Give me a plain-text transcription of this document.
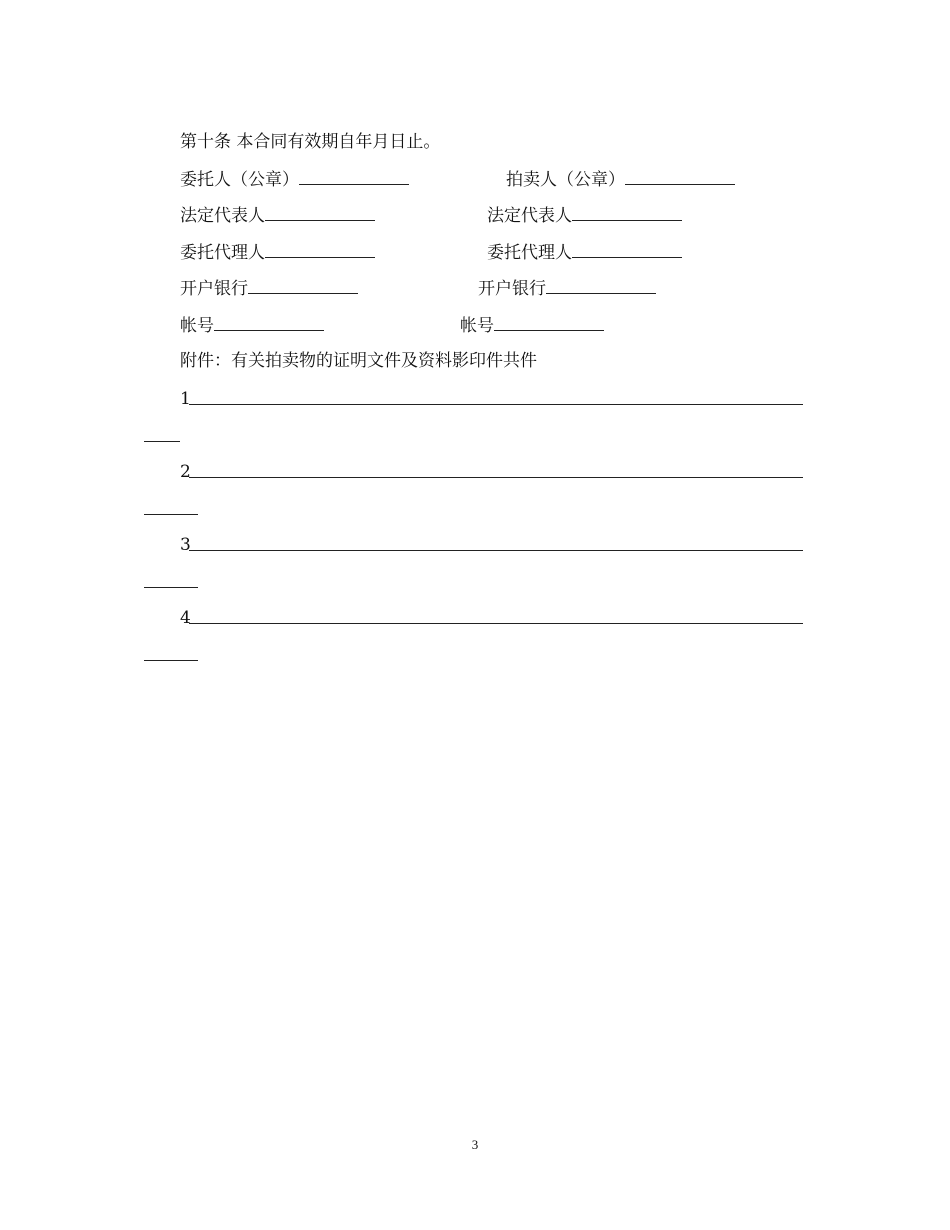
第十条 本合同有效期自年月日止。
委托人（公章）	拍卖人（公章）
法定代表人	法定代表人
委托代理人	委托代理人
开户银行	开户银行
帐号	帐号
附件：有关拍卖物的证明文件及资料影印件共件
1
2
3
4
3
